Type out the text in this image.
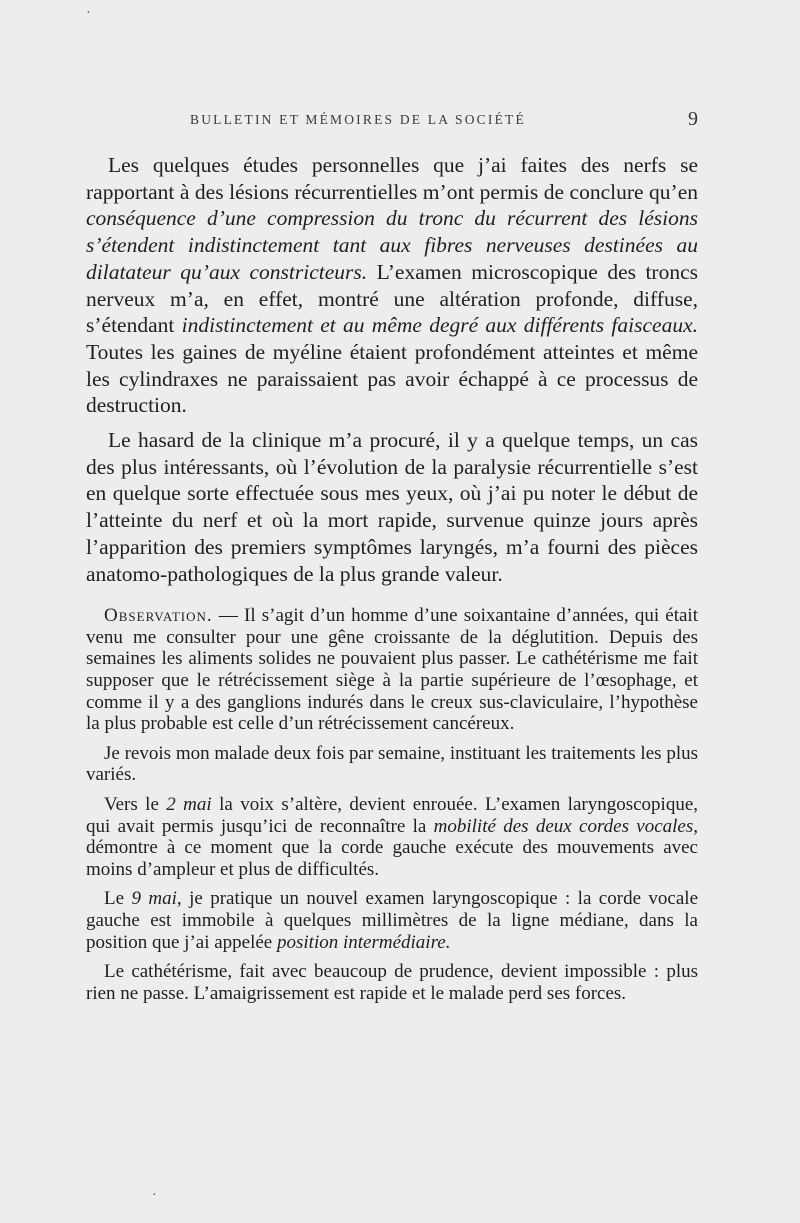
·
BULLETIN ET MÉMOIRES DE LA SOCIÉTÉ	9

Les quelques études personnelles que j’ai faites des nerfs se rapportant à des lésions récurrentielles m’ont permis de conclure qu’en conséquence d’une compression du tronc du récurrent des lésions s’étendent indistinctement tant aux fibres nerveuses destinées au dilatateur qu’aux constricteurs. L’examen microscopique des troncs nerveux m’a, en effet, montré une altération profonde, diffuse, s’étendant indistinctement et au même degré aux différents faisceaux. Toutes les gaines de myéline étaient profondément atteintes et même les cylindraxes ne paraissaient pas avoir échappé à ce processus de destruction.

Le hasard de la clinique m’a procuré, il y a quelque temps, un cas des plus intéressants, où l’évolution de la paralysie récurrentielle s’est en quelque sorte effectuée sous mes yeux, où j’ai pu noter le début de l’atteinte du nerf et où la mort rapide, survenue quinze jours après l’apparition des premiers symptômes laryngés, m’a fourni des pièces anatomo-pathologiques de la plus grande valeur.

Observation. — Il s’agit d’un homme d’une soixantaine d’années, qui était venu me consulter pour une gêne croissante de la déglutition. Depuis des semaines les aliments solides ne pouvaient plus passer. Le cathétérisme me fait supposer que le rétrécissement siège à la partie supérieure de l’œsophage, et comme il y a des ganglions indurés dans le creux sus-claviculaire, l’hypothèse la plus probable est celle d’un rétrécissement cancéreux.

Je revois mon malade deux fois par semaine, instituant les traitements les plus variés.

Vers le 2 mai la voix s’altère, devient enrouée. L’examen laryngoscopique, qui avait permis jusqu’ici de reconnaître la mobilité des deux cordes vocales, démontre à ce moment que la corde gauche exécute des mouvements avec moins d’ampleur et plus de difficultés.

Le 9 mai, je pratique un nouvel examen laryngoscopique : la corde vocale gauche est immobile à quelques millimètres de la ligne médiane, dans la position que j’ai appelée position intermédiaire.

Le cathétérisme, fait avec beaucoup de prudence, devient impossible : plus rien ne passe. L’amaigrissement est rapide et le malade perd ses forces.

·
